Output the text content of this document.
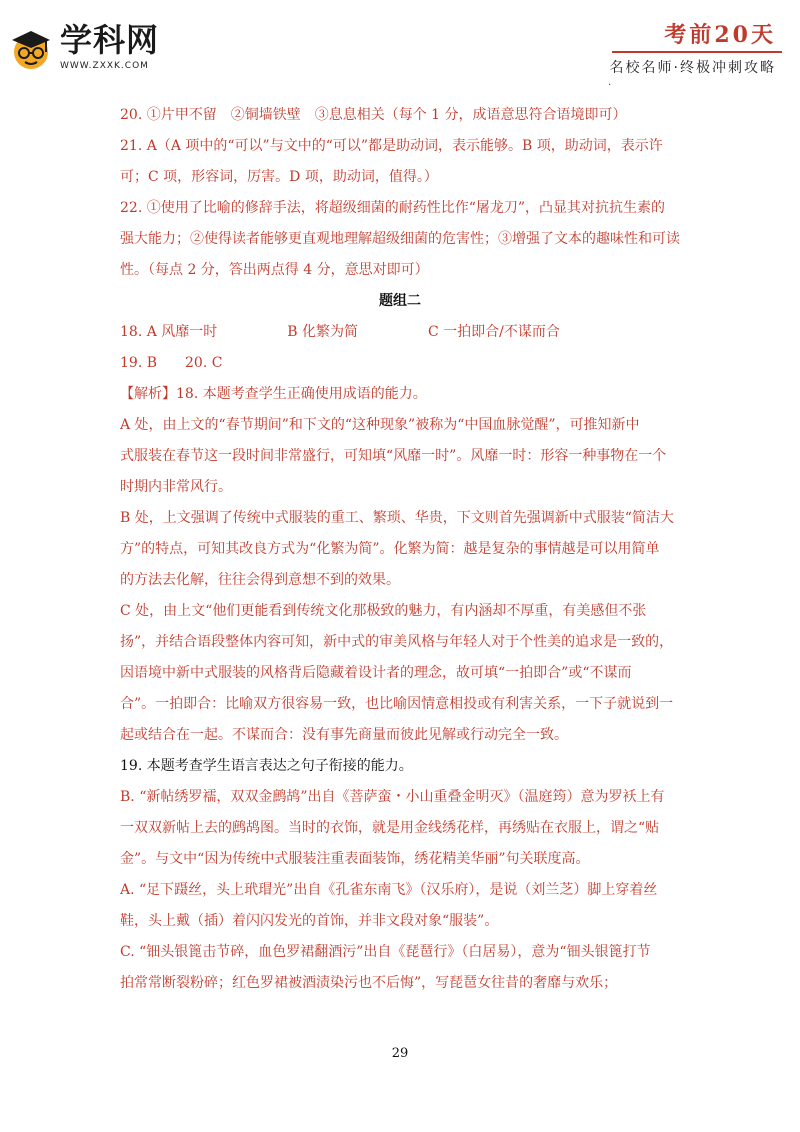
学科网
WWW.ZXXK.COM
考前20天
名校名师·终极冲刺攻略
·
20. ①片甲不留　②铜墙铁壁　③息息相关（每个 1 分，成语意思符合语境即可）
21. A（A 项中的“可以”与文中的“可以”都是助动词，表示能够。B 项，助动词，表示许
可；C 项，形容词，厉害。D 项，助动词，值得。）
22. ①使用了比喻的修辞手法，将超级细菌的耐药性比作“屠龙刀”，凸显其对抗抗生素的
强大能力；②使得读者能够更直观地理解超级细菌的危害性；③增强了文本的趣味性和可读
性。（每点 2 分，答出两点得 4 分，意思对即可）
题组二
18. A 风靡一时　　　　　B 化繁为简　　　　　C 一拍即合/不谋而合
19. B　　20. C
【解析】18. 本题考查学生正确使用成语的能力。
A 处，由上文的“春节期间”和下文的“这种现象”被称为“中国血脉觉醒”，可推知新中
式服装在春节这一段时间非常盛行，可知填“风靡一时”。风靡一时：形容一种事物在一个
时期内非常风行。
B 处，上文强调了传统中式服装的重工、繁琐、华贵，下文则首先强调新中式服装“简洁大
方”的特点，可知其改良方式为“化繁为简”。化繁为简：越是复杂的事情越是可以用简单
的方法去化解，往往会得到意想不到的效果。
C 处，由上文“他们更能看到传统文化那极致的魅力，有内涵却不厚重，有美感但不张
扬”，并结合语段整体内容可知，新中式的审美风格与年轻人对于个性美的追求是一致的，
因语境中新中式服装的风格背后隐藏着设计者的理念，故可填“一拍即合”或“不谋而
合”。一拍即合：比喻双方很容易一致，也比喻因情意相投或有利害关系，一下子就说到一
起或结合在一起。不谋而合：没有事先商量而彼此见解或行动完全一致。
19. 本题考查学生语言表达之句子衔接的能力。
B. “新帖绣罗襦，双双金鹧鸪”出自《菩萨蛮・小山重叠金明灭》（温庭筠）意为罗袄上有
一双双新帖上去的鹧鸪图。当时的衣饰，就是用金线绣花样，再绣贴在衣服上，谓之“贴
金”。与文中“因为传统中式服装注重表面装饰，绣花精美华丽”句关联度高。
A. “足下蹑丝，头上玳瑁光”出自《孔雀东南飞》（汉乐府），是说（刘兰芝）脚上穿着丝
鞋，头上戴（插）着闪闪发光的首饰，并非文段对象“服装”。
C. “钿头银篦击节碎，血色罗裙翻酒污”出自《琵琶行》（白居易），意为“钿头银篦打节
拍常常断裂粉碎；红色罗裙被酒渍染污也不后悔”，写琵琶女往昔的奢靡与欢乐；
29
